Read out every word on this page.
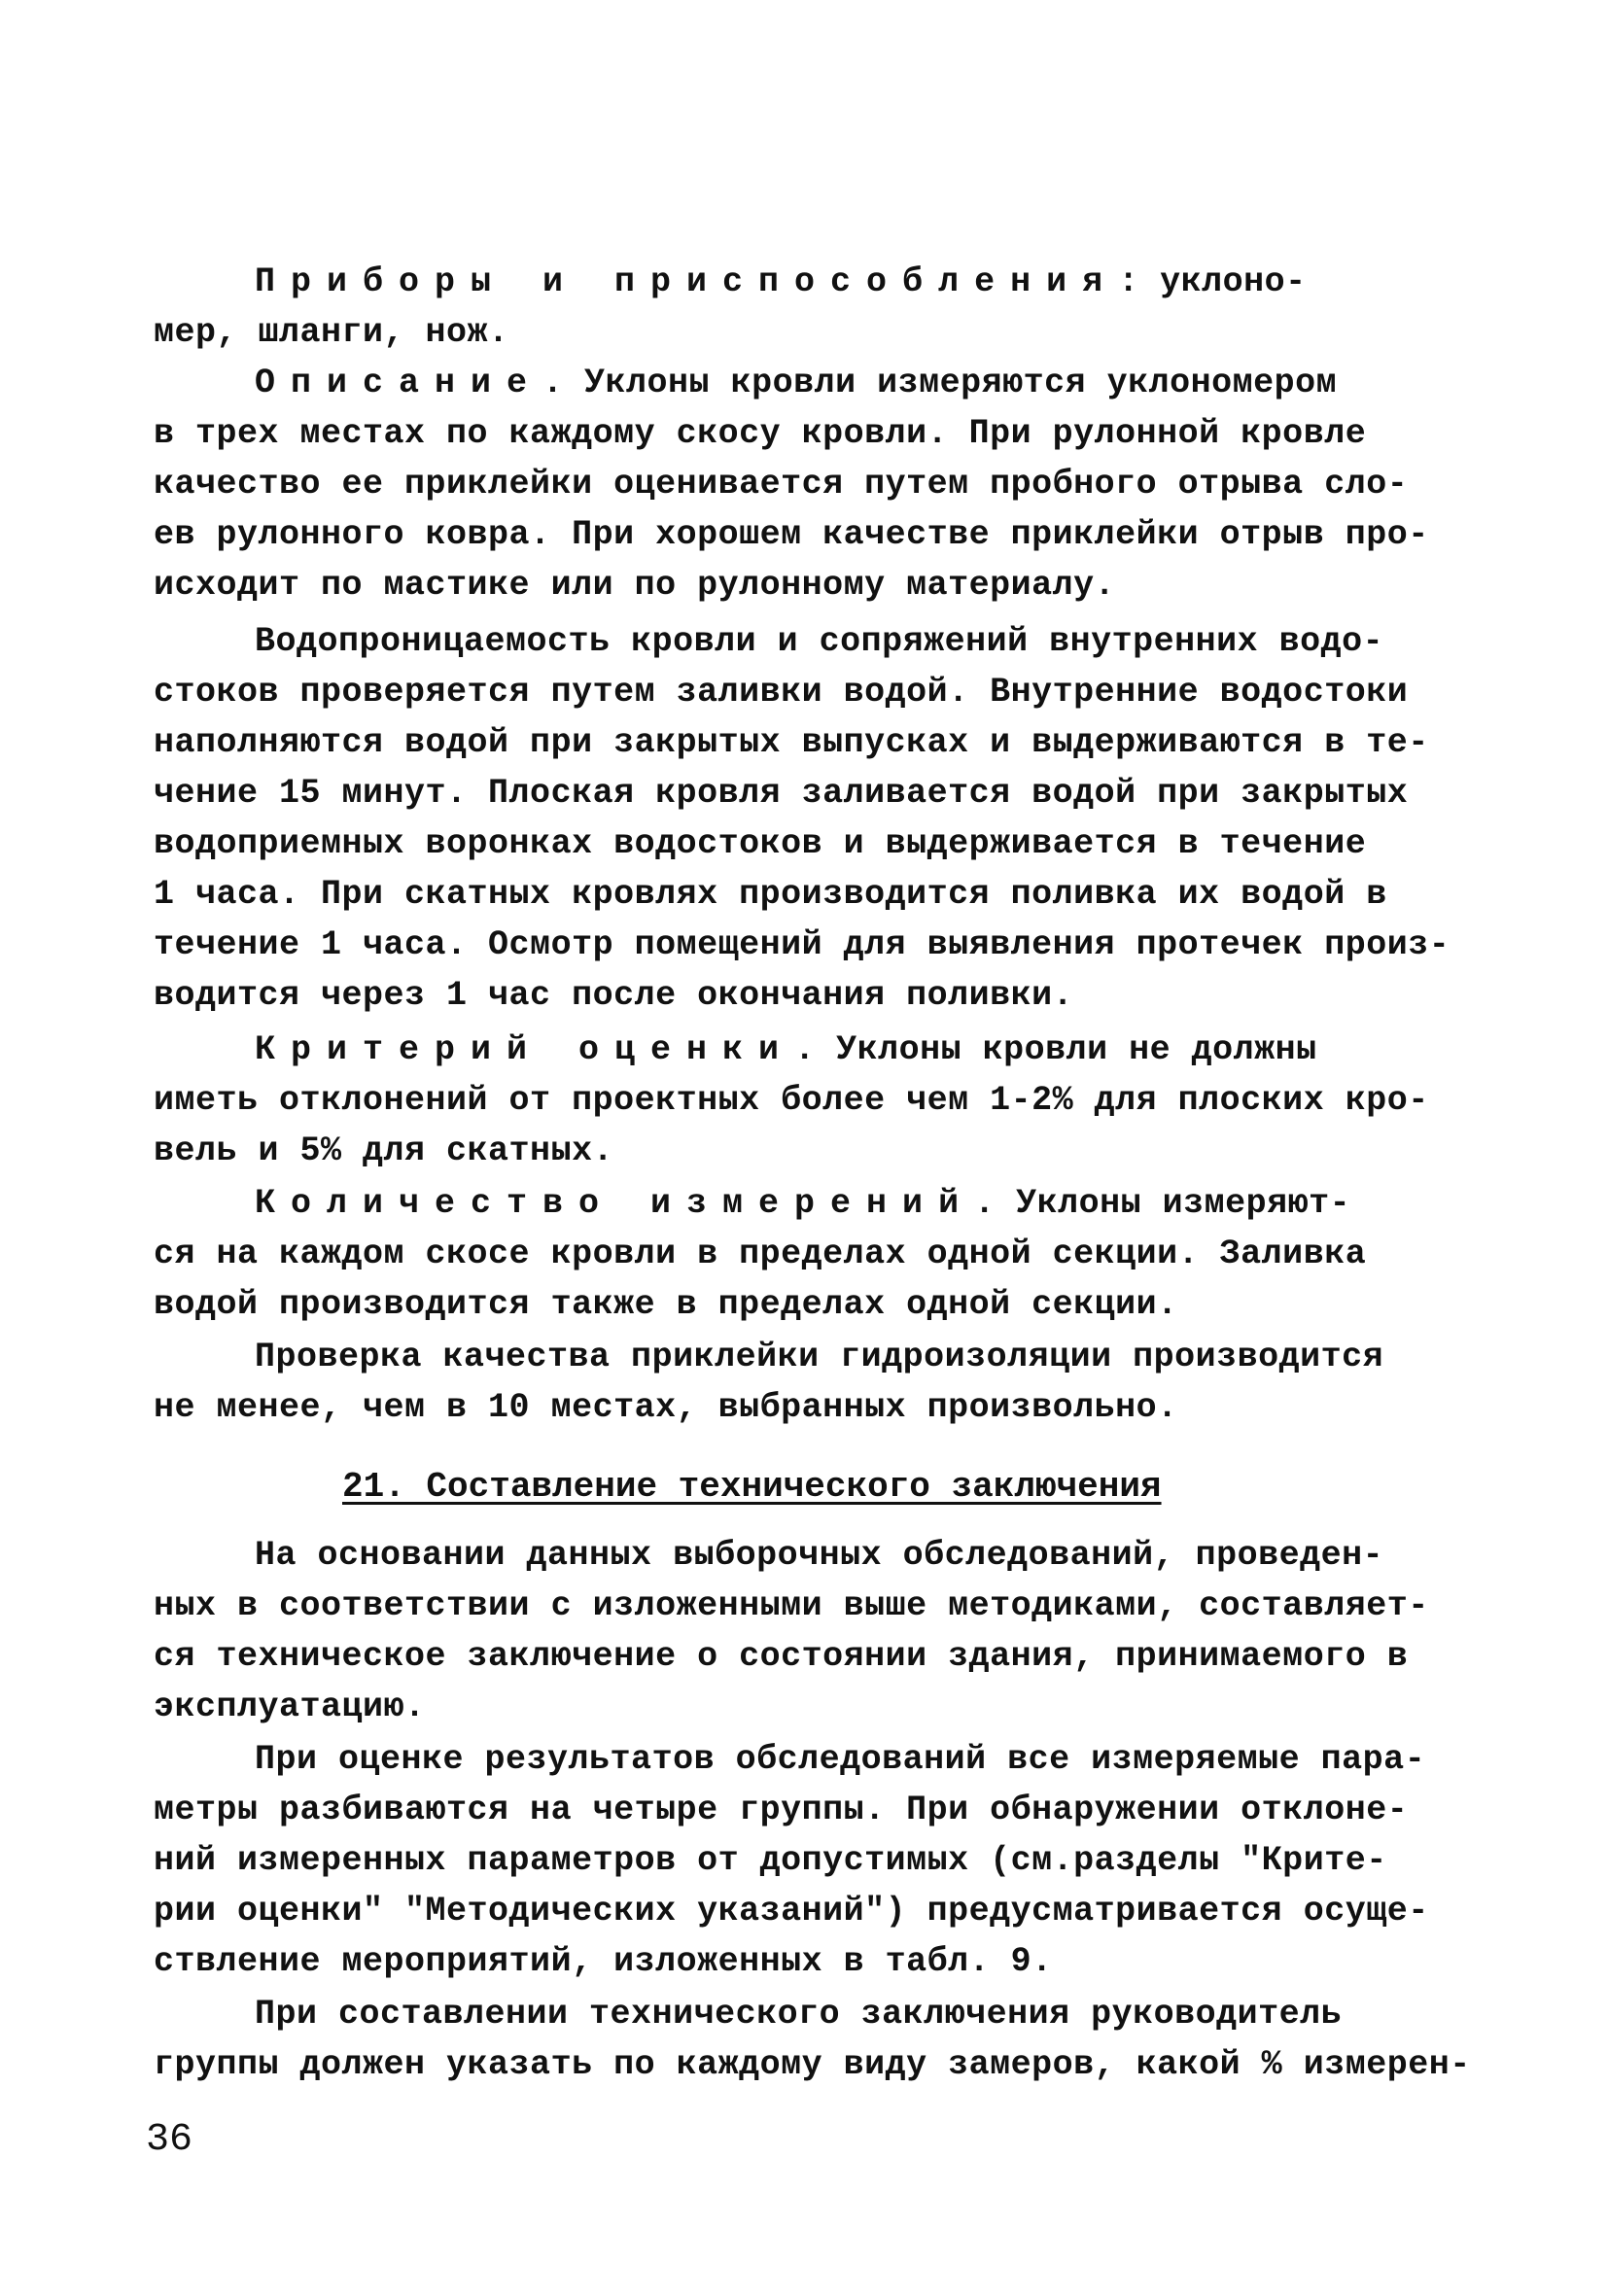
Приборы и приспособления: уклоно-
мер, шланги, нож.
Описание. Уклоны кровли измеряются уклономером
в трех местах по каждому скосу кровли. При рулонной кровле
качество ее приклейки оценивается путем пробного отрыва сло-
ев рулонного ковра. При хорошем качестве приклейки отрыв про-
исходит по мастике или по рулонному материалу.
Водопроницаемость кровли и сопряжений внутренних водо-
стоков проверяется путем заливки водой. Внутренние водостоки
наполняются водой при закрытых выпусках и выдерживаются в те-
чение 15 минут. Плоская кровля заливается водой при закрытых
водоприемных воронках водостоков и выдерживается в течение
1 часа. При скатных кровлях производится поливка их водой в
течение 1 часа. Осмотр помещений для выявления протечек произ-
водится через 1 час после окончания поливки.
Критерий оценки. Уклоны кровли не должны
иметь отклонений от проектных более чем 1-2% для плоских кро-
вель и 5% для скатных.
Количество измерений. Уклоны измеряют-
ся на каждом скосе кровли в пределах одной секции. Заливка
водой производится также в пределах одной секции.
Проверка качества приклейки гидроизоляции производится
не менее, чем в 10 местах, выбранных произвольно.
21. Составление технического заключения
На основании данных выборочных обследований, проведен-
ных в соответствии с изложенными выше методиками, составляет-
ся техническое заключение о состоянии здания, принимаемого в
эксплуатацию.
При оценке результатов обследований все измеряемые пара-
метры разбиваются на четыре группы. При обнаружении отклоне-
ний измеренных параметров от допустимых (см.разделы "Крите-
рии оценки" "Методических указаний") предусматривается осуще-
ствление мероприятий, изложенных в табл. 9.
При составлении технического заключения руководитель
группы должен указать по каждому виду замеров, какой % измерен-
36
